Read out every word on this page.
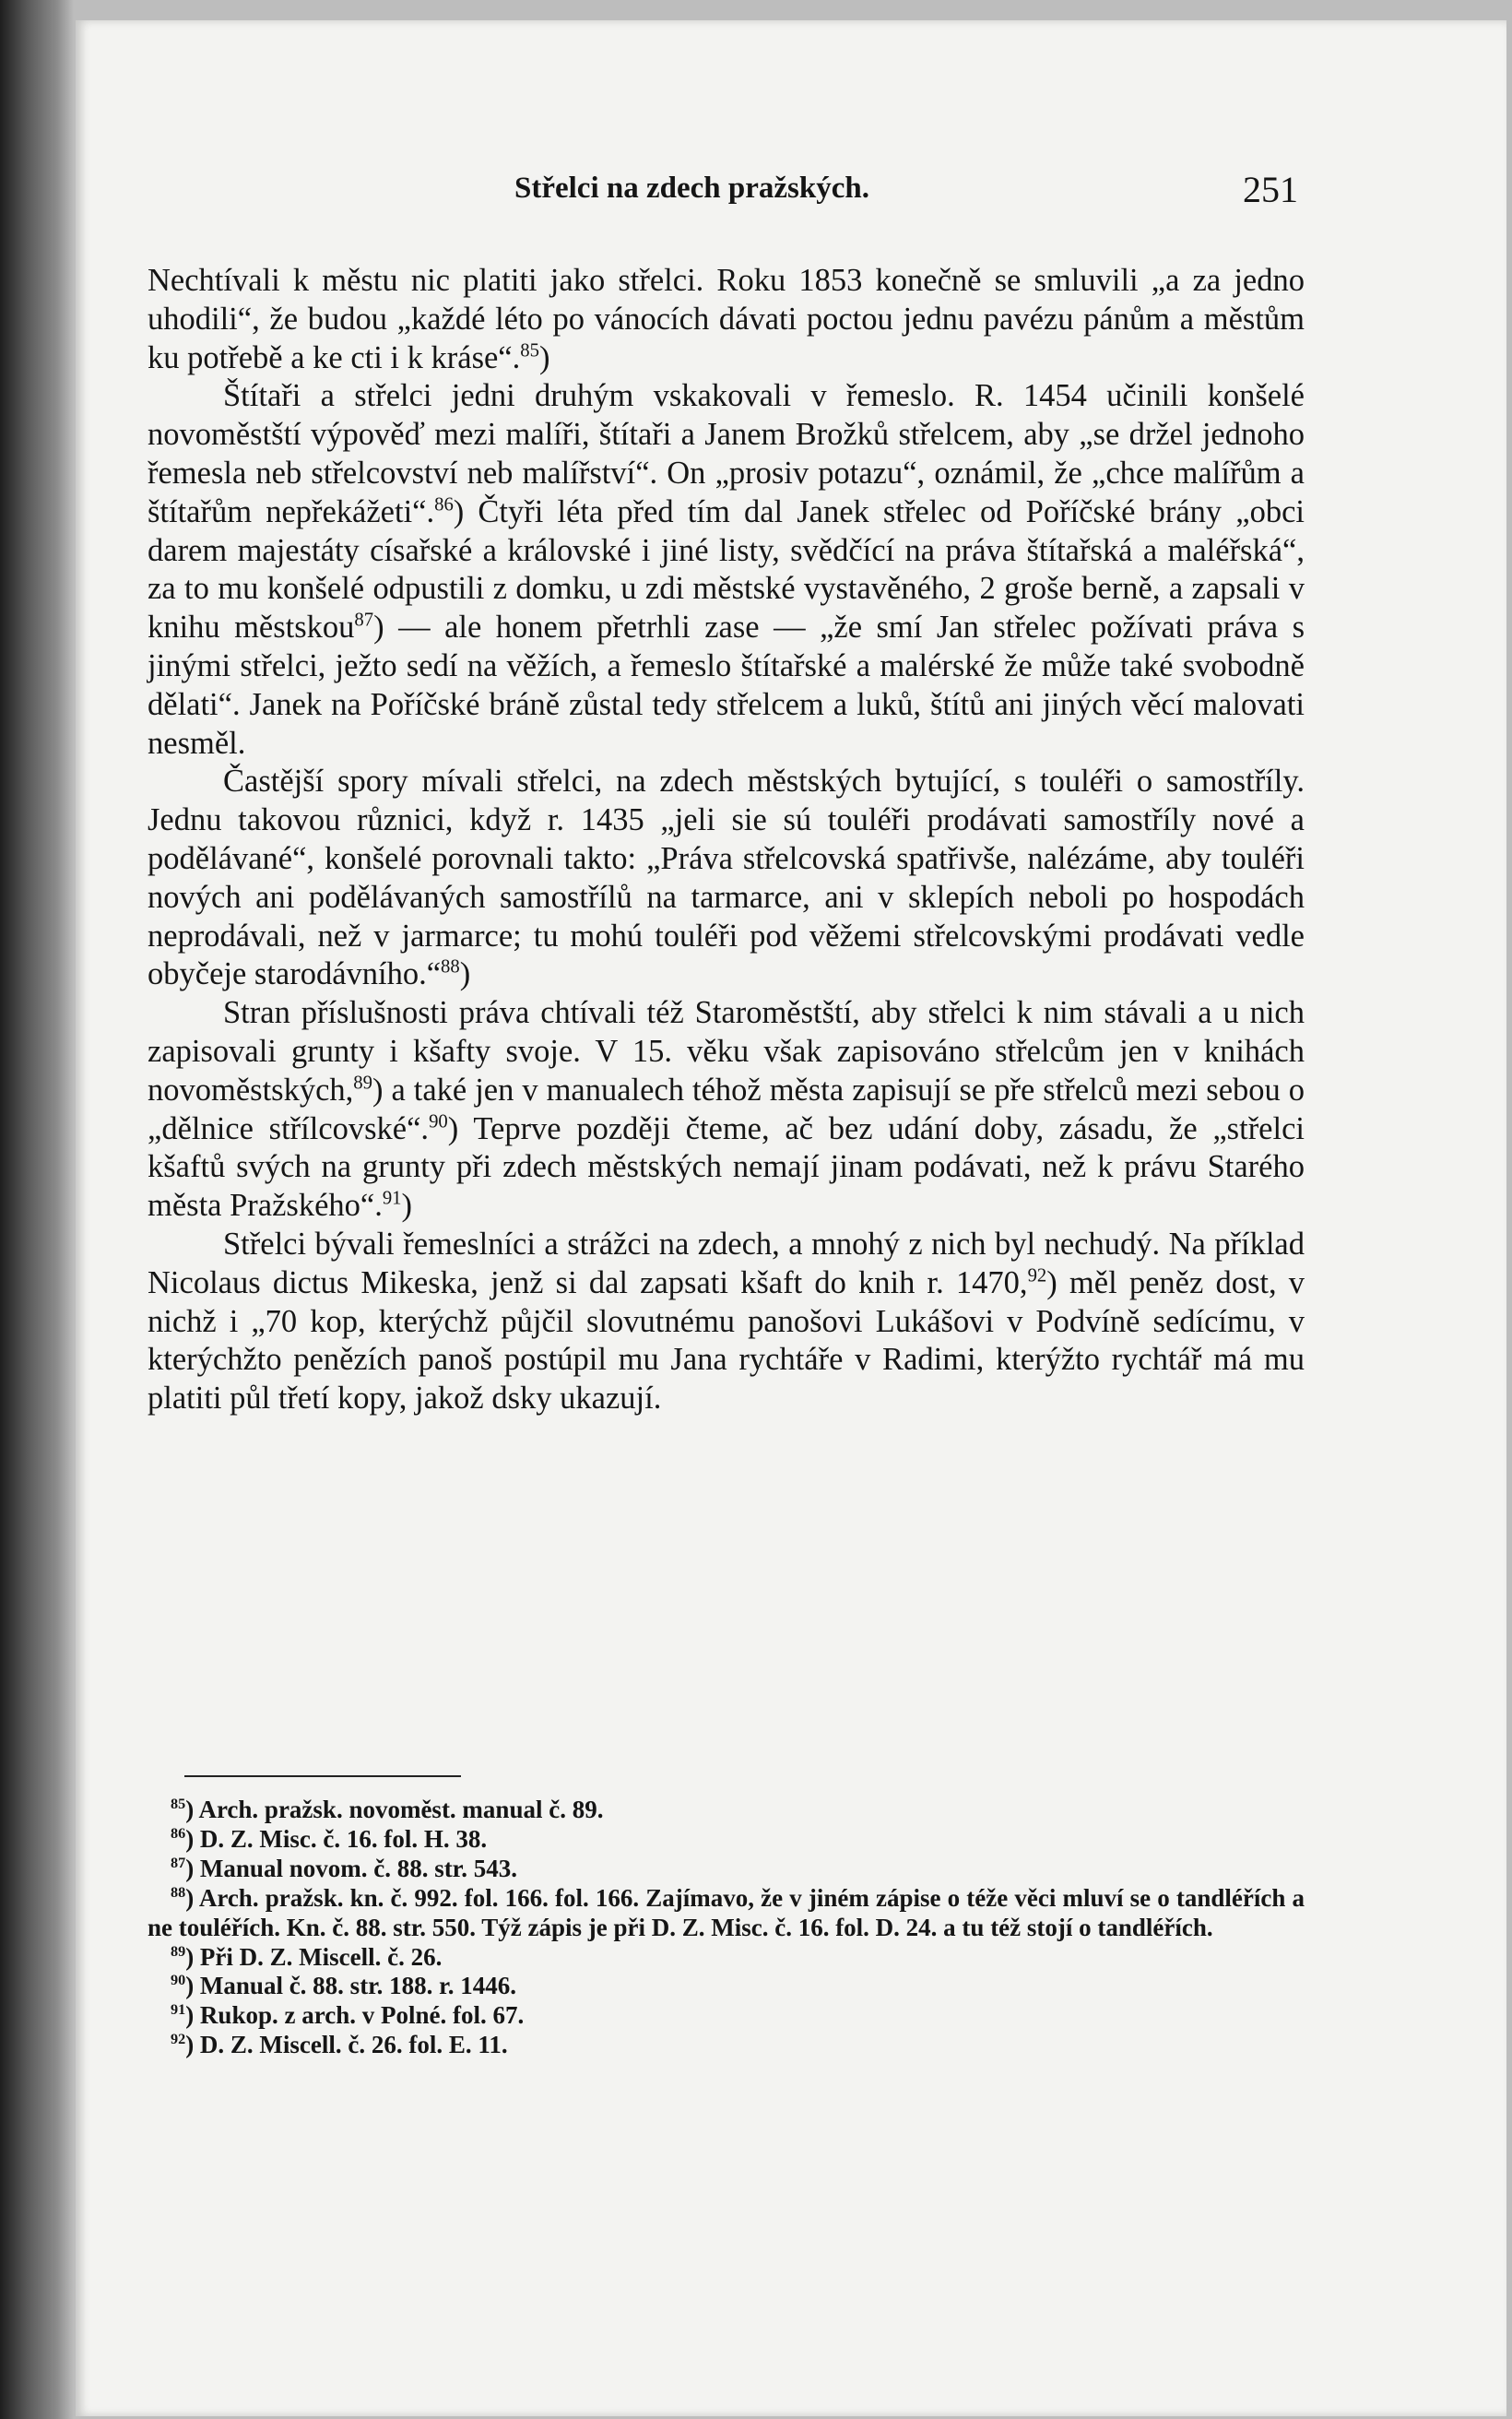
Střelci na zdech pražských.	251

Nechtívali k městu nic platiti jako střelci. Roku 1853 konečně se smluvili „a za jedno uhodili“, že budou „každé léto po vánocích dávati poctou jednu pavézu pánům a městům ku potřebě a ke cti i k kráse“.$^{85}$)

Štítaři a střelci jedni druhým vskakovali v řemeslo. R. 1454 učinili konšelé novoměstští výpověď mezi malíři, štítaři a Janem Brožků střelcem, aby „se držel jednoho řemesla neb střelcovství neb malířství“. On „prosiv potazu“, oznámil, že „chce malířům a štítařům nepřekážeti“.$^{86}$) Čtyři léta před tím dal Janek střelec od Poříčské brány „obci darem majestáty císařské a královské i jiné listy, svědčící na práva štítařská a maléřská“, za to mu konšelé odpustili z domku, u zdi městské vystavěného, 2 groše berně, a zapsali v knihu městskou$^{87}$) — ale honem přetrhli zase — „že smí Jan střelec požívati práva s jinými střelci, ježto sedí na věžích, a řemeslo štítařské a malérské že může také svobodně dělati“. Janek na Poříčské bráně zůstal tedy střelcem a luků, štítů ani jiných věcí malovati nesměl.

Častější spory mívali střelci, na zdech městských bytující, s touléři o samostříly. Jednu takovou různici, když r. 1435 „jeli sie sú touléři prodávati samostříly nové a podělávané“, konšelé porovnali takto: „Práva střelcovská spatřivše, nalézáme, aby touléři nových ani podělávaných samostřílů na tarmarce, ani v sklepích neboli po hospodách neprodávali, než v jarmarce; tu mohú touléři pod věžemi střelcovskými prodávati vedle obyčeje starodávního.“$^{88}$)

Stran příslušnosti práva chtívali též Staroměstští, aby střelci k nim stávali a u nich zapisovali grunty i kšafty svoje. V 15. věku však zapisováno střelcům jen v knihách novoměstských,$^{89}$) a také jen v manualech téhož města zapisují se pře střelců mezi sebou o „dělnice střílcovské“.$^{90}$) Teprve později čteme, ač bez udání doby, zásadu, že „střelci kšaftů svých na grunty při zdech městských nemají jinam podávati, než k právu Starého města Pražského“.$^{91}$)

Střelci bývali řemeslníci a strážci na zdech, a mnohý z nich byl nechudý. Na příklad Nicolaus dictus Mikeska, jenž si dal zapsati kšaft do knih r. 1470,92) měl peněz dost, v nichž i „70 kop, kterýchž půjčil slovutnému panošovi Lukášovi v Podvíně sedícímu, v kterýchžto penězích panoš postúpil mu Jana rychtáře v Radimi, kterýžto rychtář má mu platiti půl třetí kopy, jakož dsky ukazují.

$^{85}$) Arch. pražsk. novoměst. manual č. 89.
$^{86}$) D. Z. Misc. č. 16. fol. H. 38.
$^{87}$) Manual novom. č. 88. str. 543.
$^{88}$) Arch. pražsk. kn. č. 992. fol. 166. fol. 166. Zajímavo, že v jiném zápise o téže věci mluví se o tandléřích a ne touléřích. Kn. č. 88. str. 550. Týž zápis je při D. Z. Misc. č. 16. fol. D. 24. a tu též stojí o tandléřích.
$^{89}$) Při D. Z. Miscell. č. 26.
$^{90}$) Manual č. 88. str. 188. r. 1446.
$^{91}$) Rukop. z arch. v Polné. fol. 67.
$^{92}$) D. Z. Miscell. č. 26. fol. E. 11.
